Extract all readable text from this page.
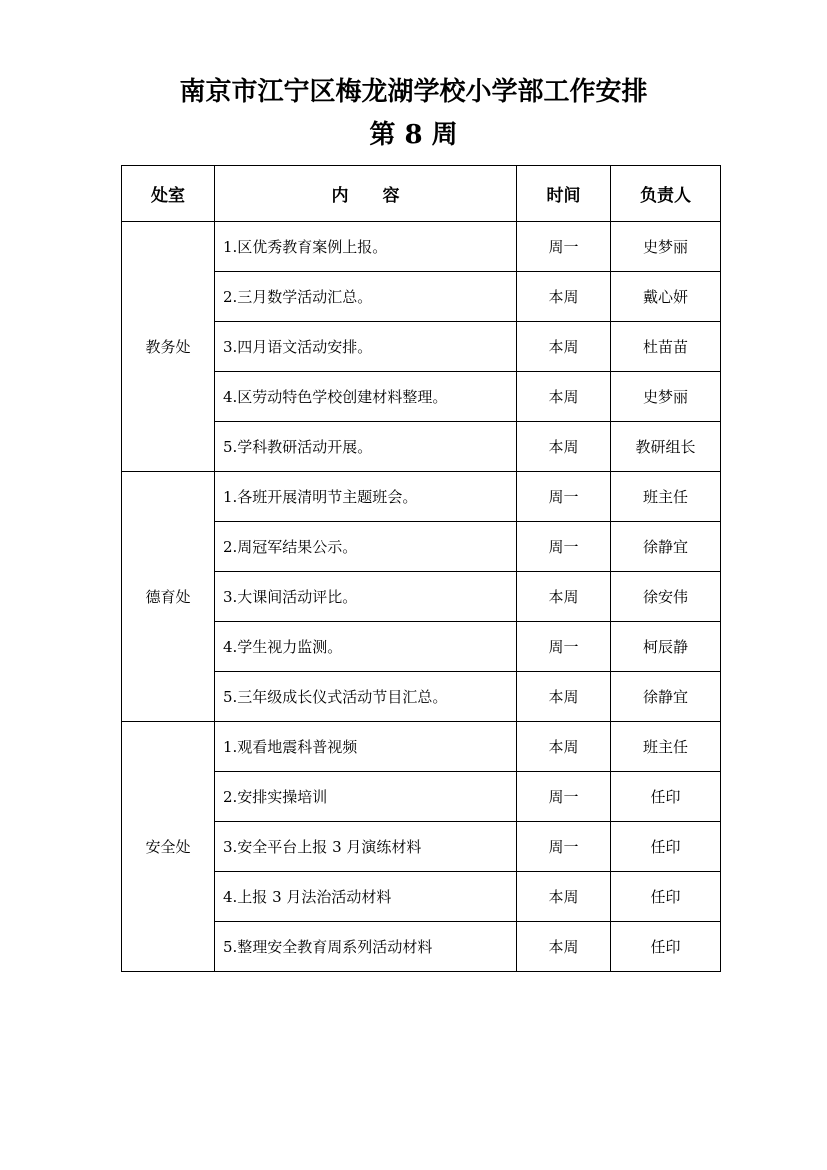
南京市江宁区梅龙湖学校小学部工作安排
第 8 周
处室	内　　容	时间	负责人
教务处	1.区优秀教育案例上报。	周一	史梦丽
	2.三月数学活动汇总。	本周	戴心妍
	3.四月语文活动安排。	本周	杜苗苗
	4.区劳动特色学校创建材料整理。	本周	史梦丽
	5.学科教研活动开展。	本周	教研组长
德育处	1.各班开展清明节主题班会。	周一	班主任
	2.周冠军结果公示。	周一	徐静宜
	3.大课间活动评比。	本周	徐安伟
	4.学生视力监测。	周一	柯辰静
	5.三年级成长仪式活动节目汇总。	本周	徐静宜
安全处	1.观看地震科普视频	本周	班主任
	2.安排实操培训	周一	任印
	3.安全平台上报 3 月演练材料	周一	任印
	4.上报 3 月法治活动材料	本周	任印
	5.整理安全教育周系列活动材料	本周	任印
